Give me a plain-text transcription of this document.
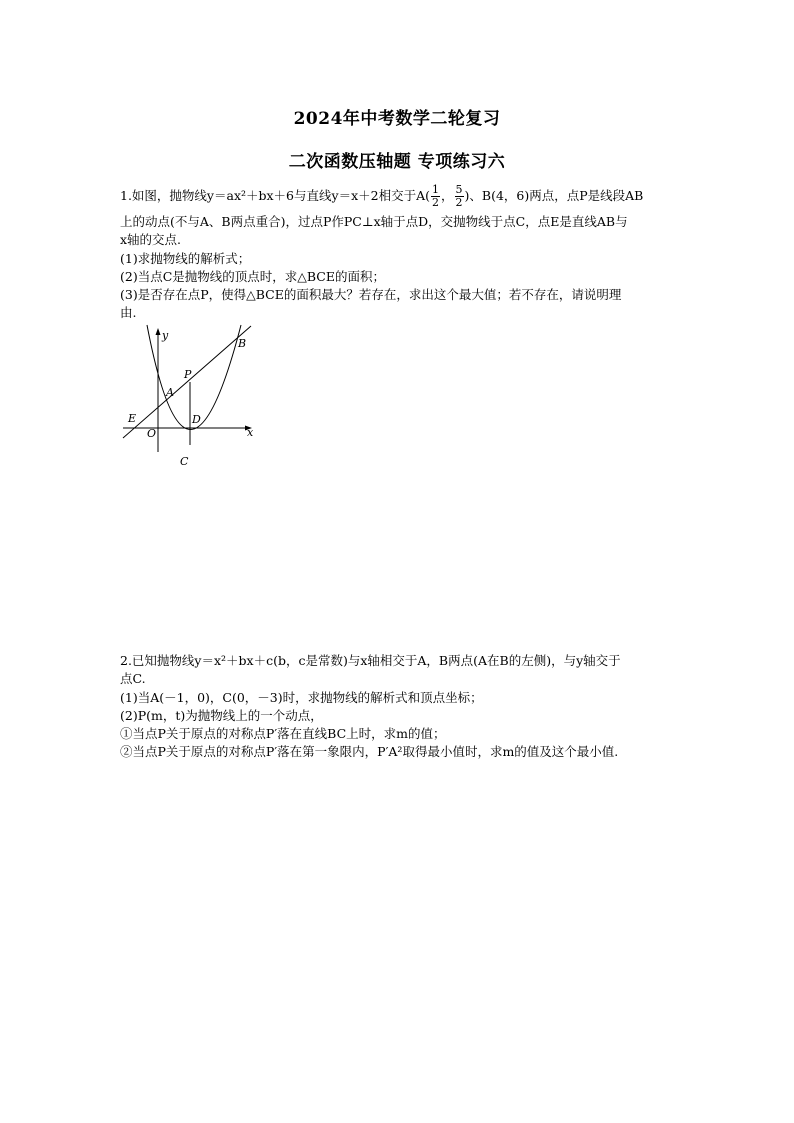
2024年中考数学二轮复习
二次函数压轴题 专项练习六
1.如图，抛物线y＝ax²＋bx＋6与直线y＝x＋2相交于$A( \frac{1}{2}$ ， $\frac{5}{2}$ )、B(4，6)两点，点P是线段AB
上的动点(不与A、B两点重合)，过点P作PC⊥x轴于点D，交抛物线于点C，点E是直线AB与
x轴的交点.
(1)求抛物线的解析式；
(2)当点C是抛物线的顶点时，求△BCE的面积；
(3)是否存在点P，使得△BCE的面积最大？若存在，求出这个最大值；若不存在，请说明理
由.
y
x
B
P
A
E
O
D
C
2.已知抛物线y＝x²＋bx＋c(b，c是常数)与x轴相交于A，B两点(A在B的左侧)，与y轴交于
点C.
(1)当A(－1，0)，C(0，－3)时，求抛物线的解析式和顶点坐标；
(2)P(m，t)为抛物线上的一个动点，
①当点P关于原点的对称点P′落在直线BC上时，求m的值；
②当点P关于原点的对称点P′落在第一象限内，P′A²取得最小值时，求m的值及这个最小值.
